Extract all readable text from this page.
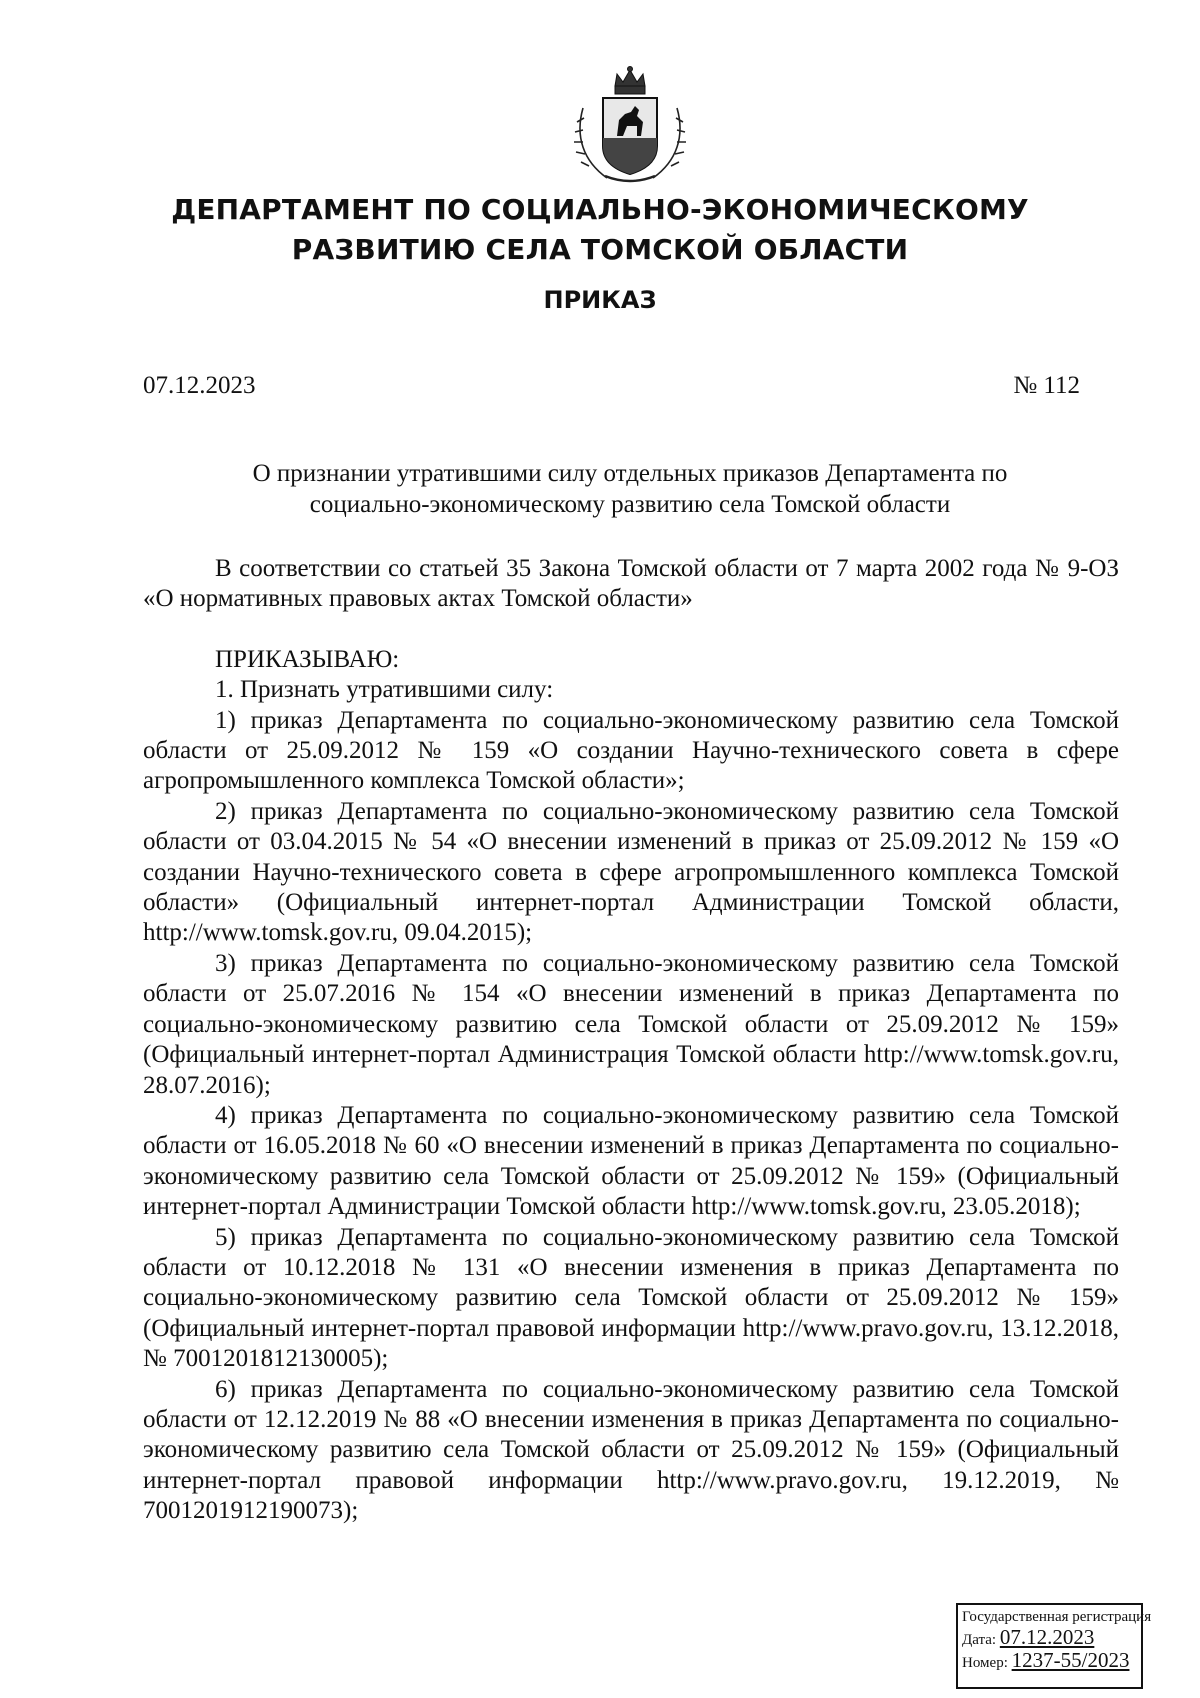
ДЕПАРТАМЕНТ ПО СОЦИАЛЬНО-ЭКОНОМИЧЕСКОМУ
РАЗВИТИЮ СЕЛА ТОМСКОЙ ОБЛАСТИ
ПРИКАЗ
07.12.2023	№ 112
О признании утратившими силу отдельных приказов Департамента по
социально-экономическому развитию села Томской области

В соответствии со статьей 35 Закона Томской области от 7 марта 2002 года № 9-ОЗ «О нормативных правовых актах Томской области»

ПРИКАЗЫВАЮ:

1. Признать утратившими силу:

1) приказ Департамента по социально-экономическому развитию села Томской области от 25.09.2012 № 159 «О создании Научно-технического совета в сфере агропромышленного комплекса Томской области»;

2) приказ Департамента по социально-экономическому развитию села Томской области от 03.04.2015 № 54 «О внесении изменений в приказ от 25.09.2012 № 159 «О создании Научно-технического совета в сфере агропромышленного комплекса Томской области» (Официальный интернет-портал Администрации Томской области, http://www.tomsk.gov.ru, 09.04.2015);

3) приказ Департамента по социально-экономическому развитию села Томской области от 25.07.2016 № 154 «О внесении изменений в приказ Департамента по социально-экономическому развитию села Томской области от 25.09.2012 № 159» (Официальный интернет-портал Администрация Томской области http://www.tomsk.gov.ru, 28.07.2016);

4) приказ Департамента по социально-экономическому развитию села Томской области от 16.05.2018 № 60 «О внесении изменений в приказ Департамента по социально-экономическому развитию села Томской области от 25.09.2012 № 159» (Официальный интернет-портал Администрации Томской области http://www.tomsk.gov.ru, 23.05.2018);

5) приказ Департамента по социально-экономическому развитию села Томской области от 10.12.2018 № 131 «О внесении изменения в приказ Департамента по социально-экономическому развитию села Томской области от 25.09.2012 № 159» (Официальный интернет-портал правовой информации http://www.pravo.gov.ru, 13.12.2018, № 7001201812130005);

6) приказ Департамента по социально-экономическому развитию села Томской области от 12.12.2019 № 88 «О внесении изменения в приказ Департамента по социально-экономическому развитию села Томской области от 25.09.2012 № 159» (Официальный интернет-портал правовой информации http://www.pravo.gov.ru, 19.12.2019, № 7001201912190073);

Государственная регистрация
Дата: 07.12.2023
Номер: 1237-55/2023
